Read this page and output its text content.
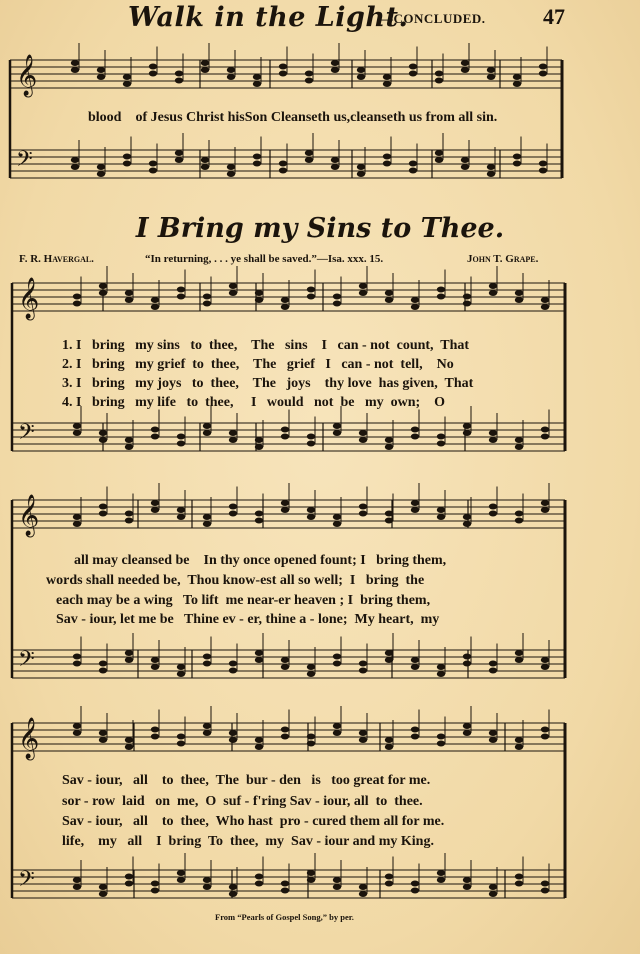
𝄞
𝄢
𝄞
𝄢
𝄞
𝄢
𝄞
𝄢
Walk in the Light.
—CONCLUDED.	47
blood    of Jesus Christ hisSon Cleanseth us,cleanseth us from all sin.
I Bring my Sins to Thee.
F. R. Havergal.	“In returning, . . . ye shall be saved.”—Isa. xxx. 15.	John T. Grape.
1. I   bring   my sins   to  thee,    The   sins    I   can - not  count,  That
2. I   bring   my grief  to  thee,    The   grief   I   can - not  tell,    No
3. I   bring   my joys   to  thee,    The   joys    thy love  has given,  That
4. I   bring   my life   to  thee,     I   would   not  be   my  own;    O
all may cleansed be    In thy once opened fount; I   bring them,
words shall needed be,  Thou know-est all so well;  I   bring  the
each may be a wing   To lift  me near-er heaven ; I  bring them,
Sav - iour, let me be   Thine ev - er, thine a - lone;  My heart,  my
Sav - iour,   all    to  thee,  The  bur - den   is   too great for me.
sor - row  laid   on  me,  O  suf - f'ring Sav - iour, all  to  thee.
Sav - iour,   all    to  thee,  Who hast  pro - cured them all for me.
life,    my   all    I  bring  To  thee,  my  Sav - iour and my King.
From “Pearls of Gospel Song,” by per.
